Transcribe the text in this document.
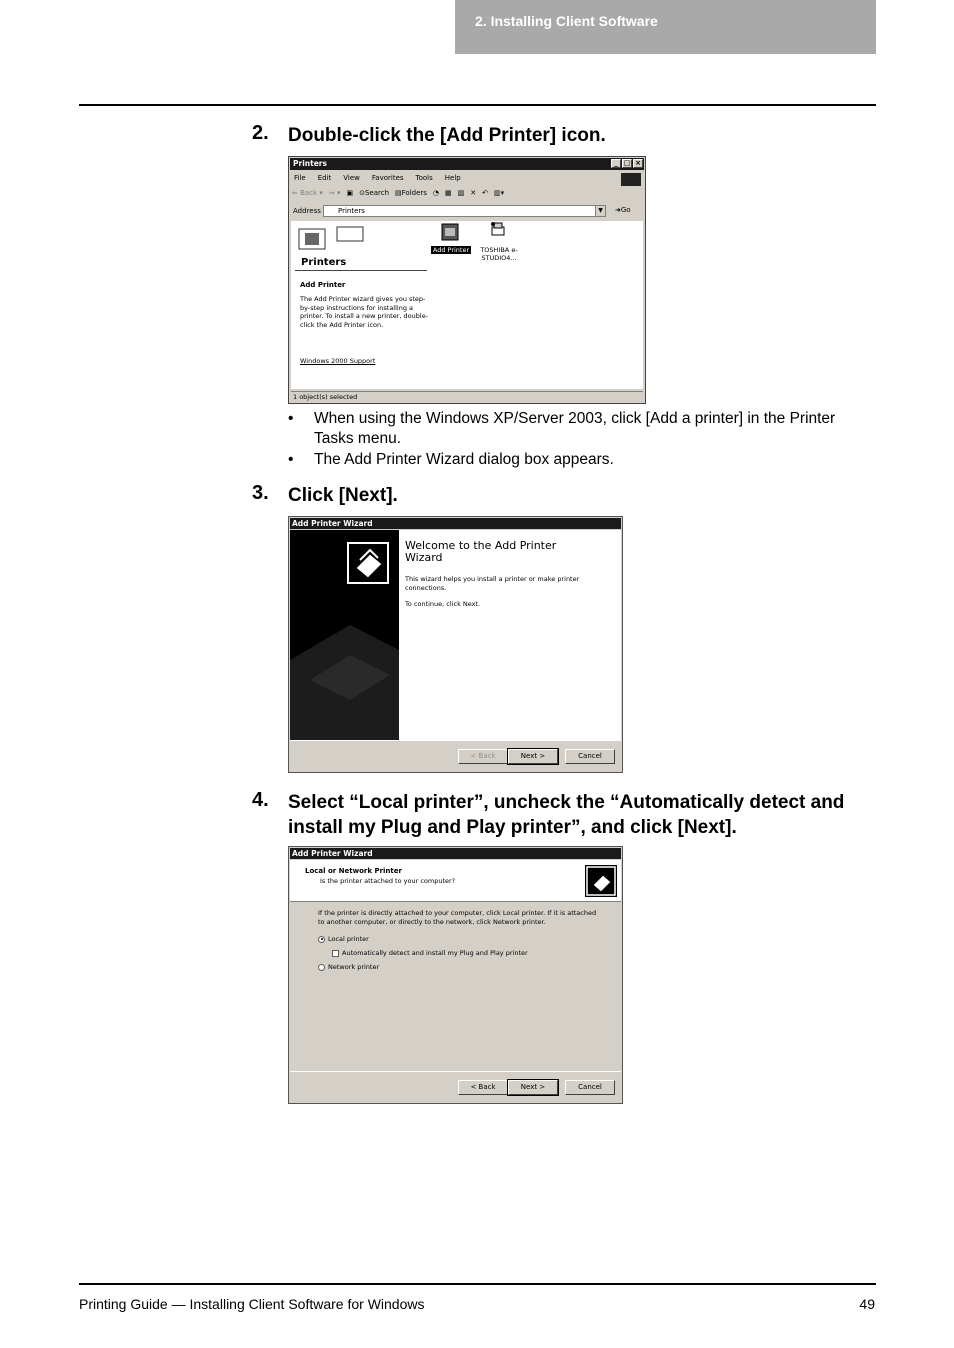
2. Installing Client Software
2. Double-click the [Add Printer] icon.
Printers	_ □ ×
File Edit View Favorites Tools Help
⇐ Back ▾ ⇒ ▾ ▣ ⊙Search ▤Folders ◔ ▦ ▧ ✕ ↶ ▥▾
Address	Printers	▼	➜Go
Printers
Add Printer
The Add Printer wizard gives you step-by-step instructions for installing a printer. To install a new printer, double-click the Add Printer icon.
Windows 2000 Support
Add Printer	TOSHIBA e-STUDIO4...
1 object(s) selected
• When using the Windows XP/Server 2003, click [Add a printer] in the Printer Tasks menu.
• The Add Printer Wizard dialog box appears.
3. Click [Next].
Add Printer Wizard
Welcome to the Add Printer Wizard
This wizard helps you install a printer or make printer connections.
To continue, click Next.
< Back	Next >	Cancel
4. Select “Local printer”, uncheck the “Automatically detect and install my Plug and Play printer”, and click [Next].
Add Printer Wizard
Local or Network Printer
Is the printer attached to your computer?
If the printer is directly attached to your computer, click Local printer. If it is attached to another computer, or directly to the network, click Network printer.
Local printer
Automatically detect and install my Plug and Play printer
Network printer
< Back	Next >	Cancel
Printing Guide — Installing Client Software for Windows	49
